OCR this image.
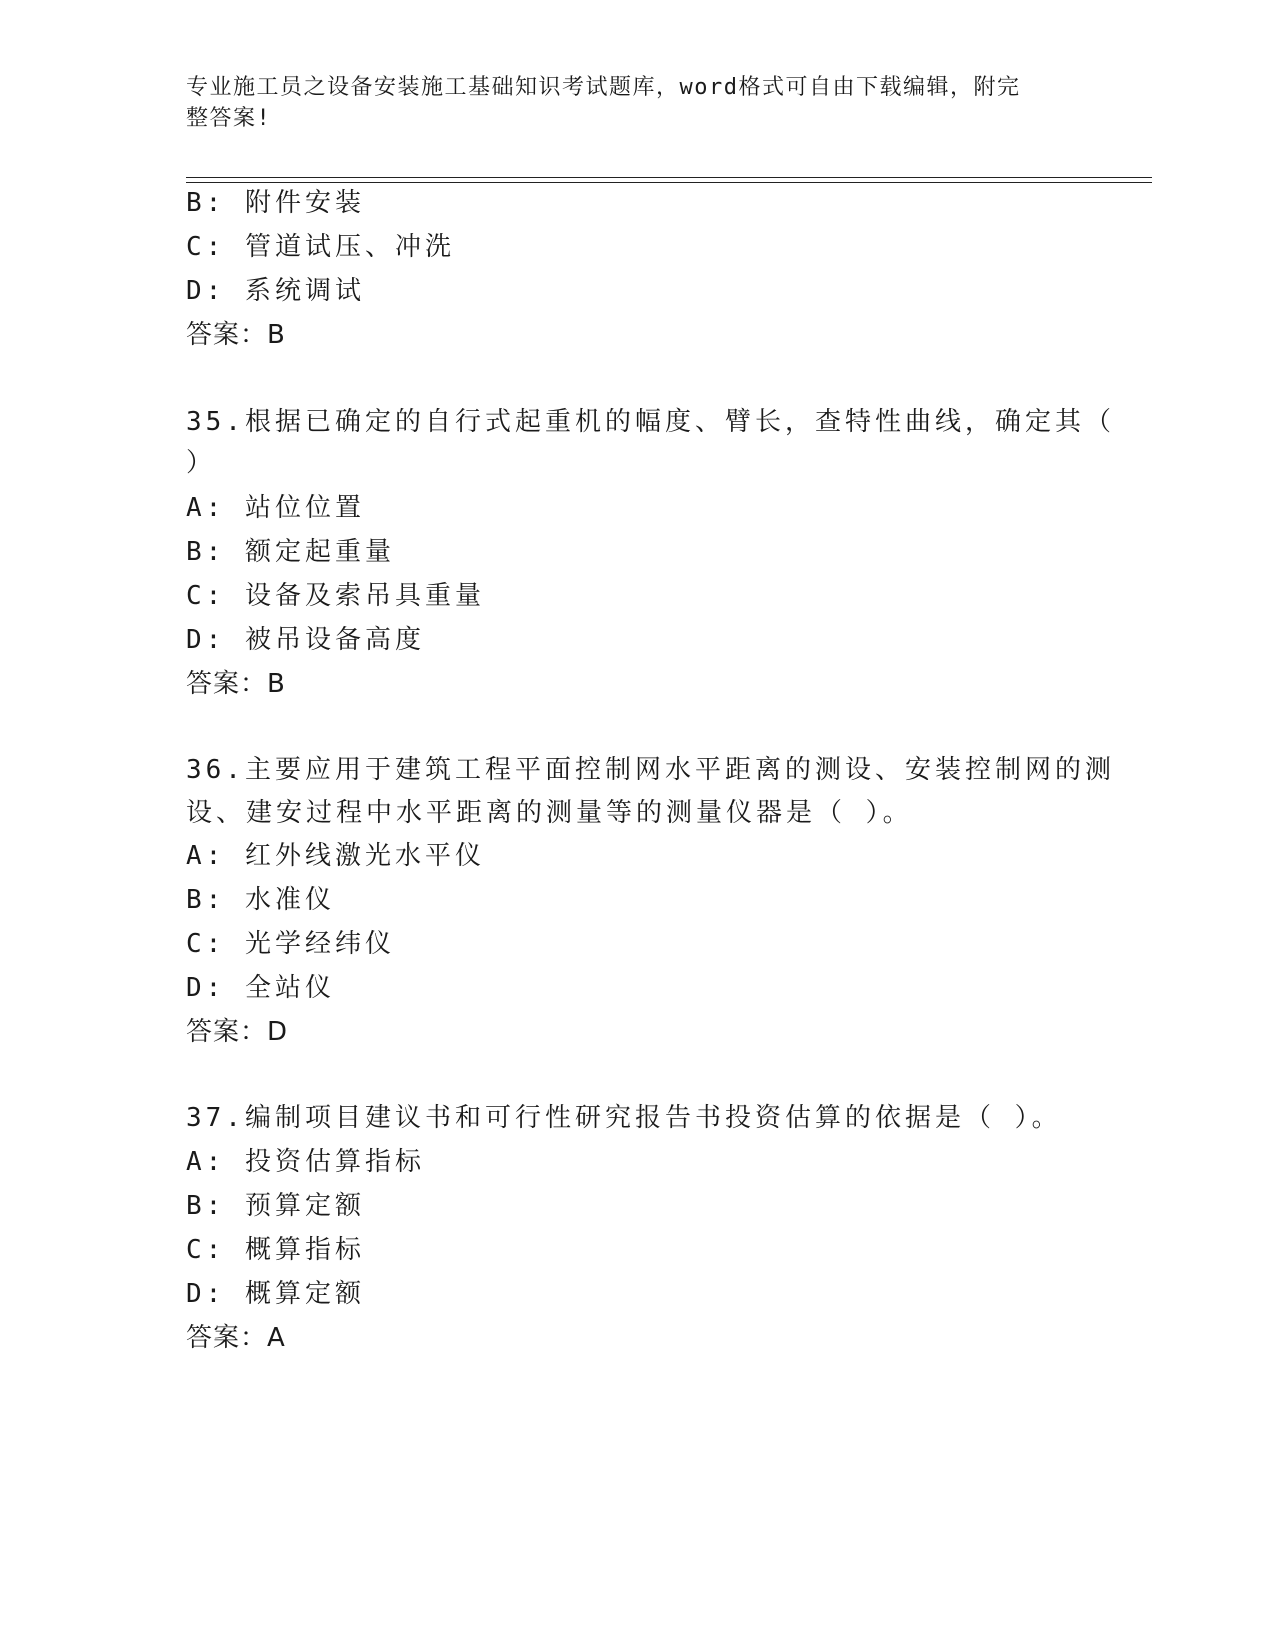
专业施工员之设备安装施工基础知识考试题库，word格式可自由下载编辑，附完
整答案!
B: 附件安装
C: 管道试压、冲洗
D: 系统调试
答案：B
35.根据已确定的自行式起重机的幅度、臂长，查特性曲线，确定其（
）
A: 站位位置
B: 额定起重量
C: 设备及索吊具重量
D: 被吊设备高度
答案：B
36.主要应用于建筑工程平面控制网水平距离的测设、安装控制网的测
设、建安过程中水平距离的测量等的测量仪器是（ ）。
A: 红外线激光水平仪
B: 水准仪
C: 光学经纬仪
D: 全站仪
答案：D
37.编制项目建议书和可行性研究报告书投资估算的依据是（ ）。
A: 投资估算指标
B: 预算定额
C: 概算指标
D: 概算定额
答案：A
